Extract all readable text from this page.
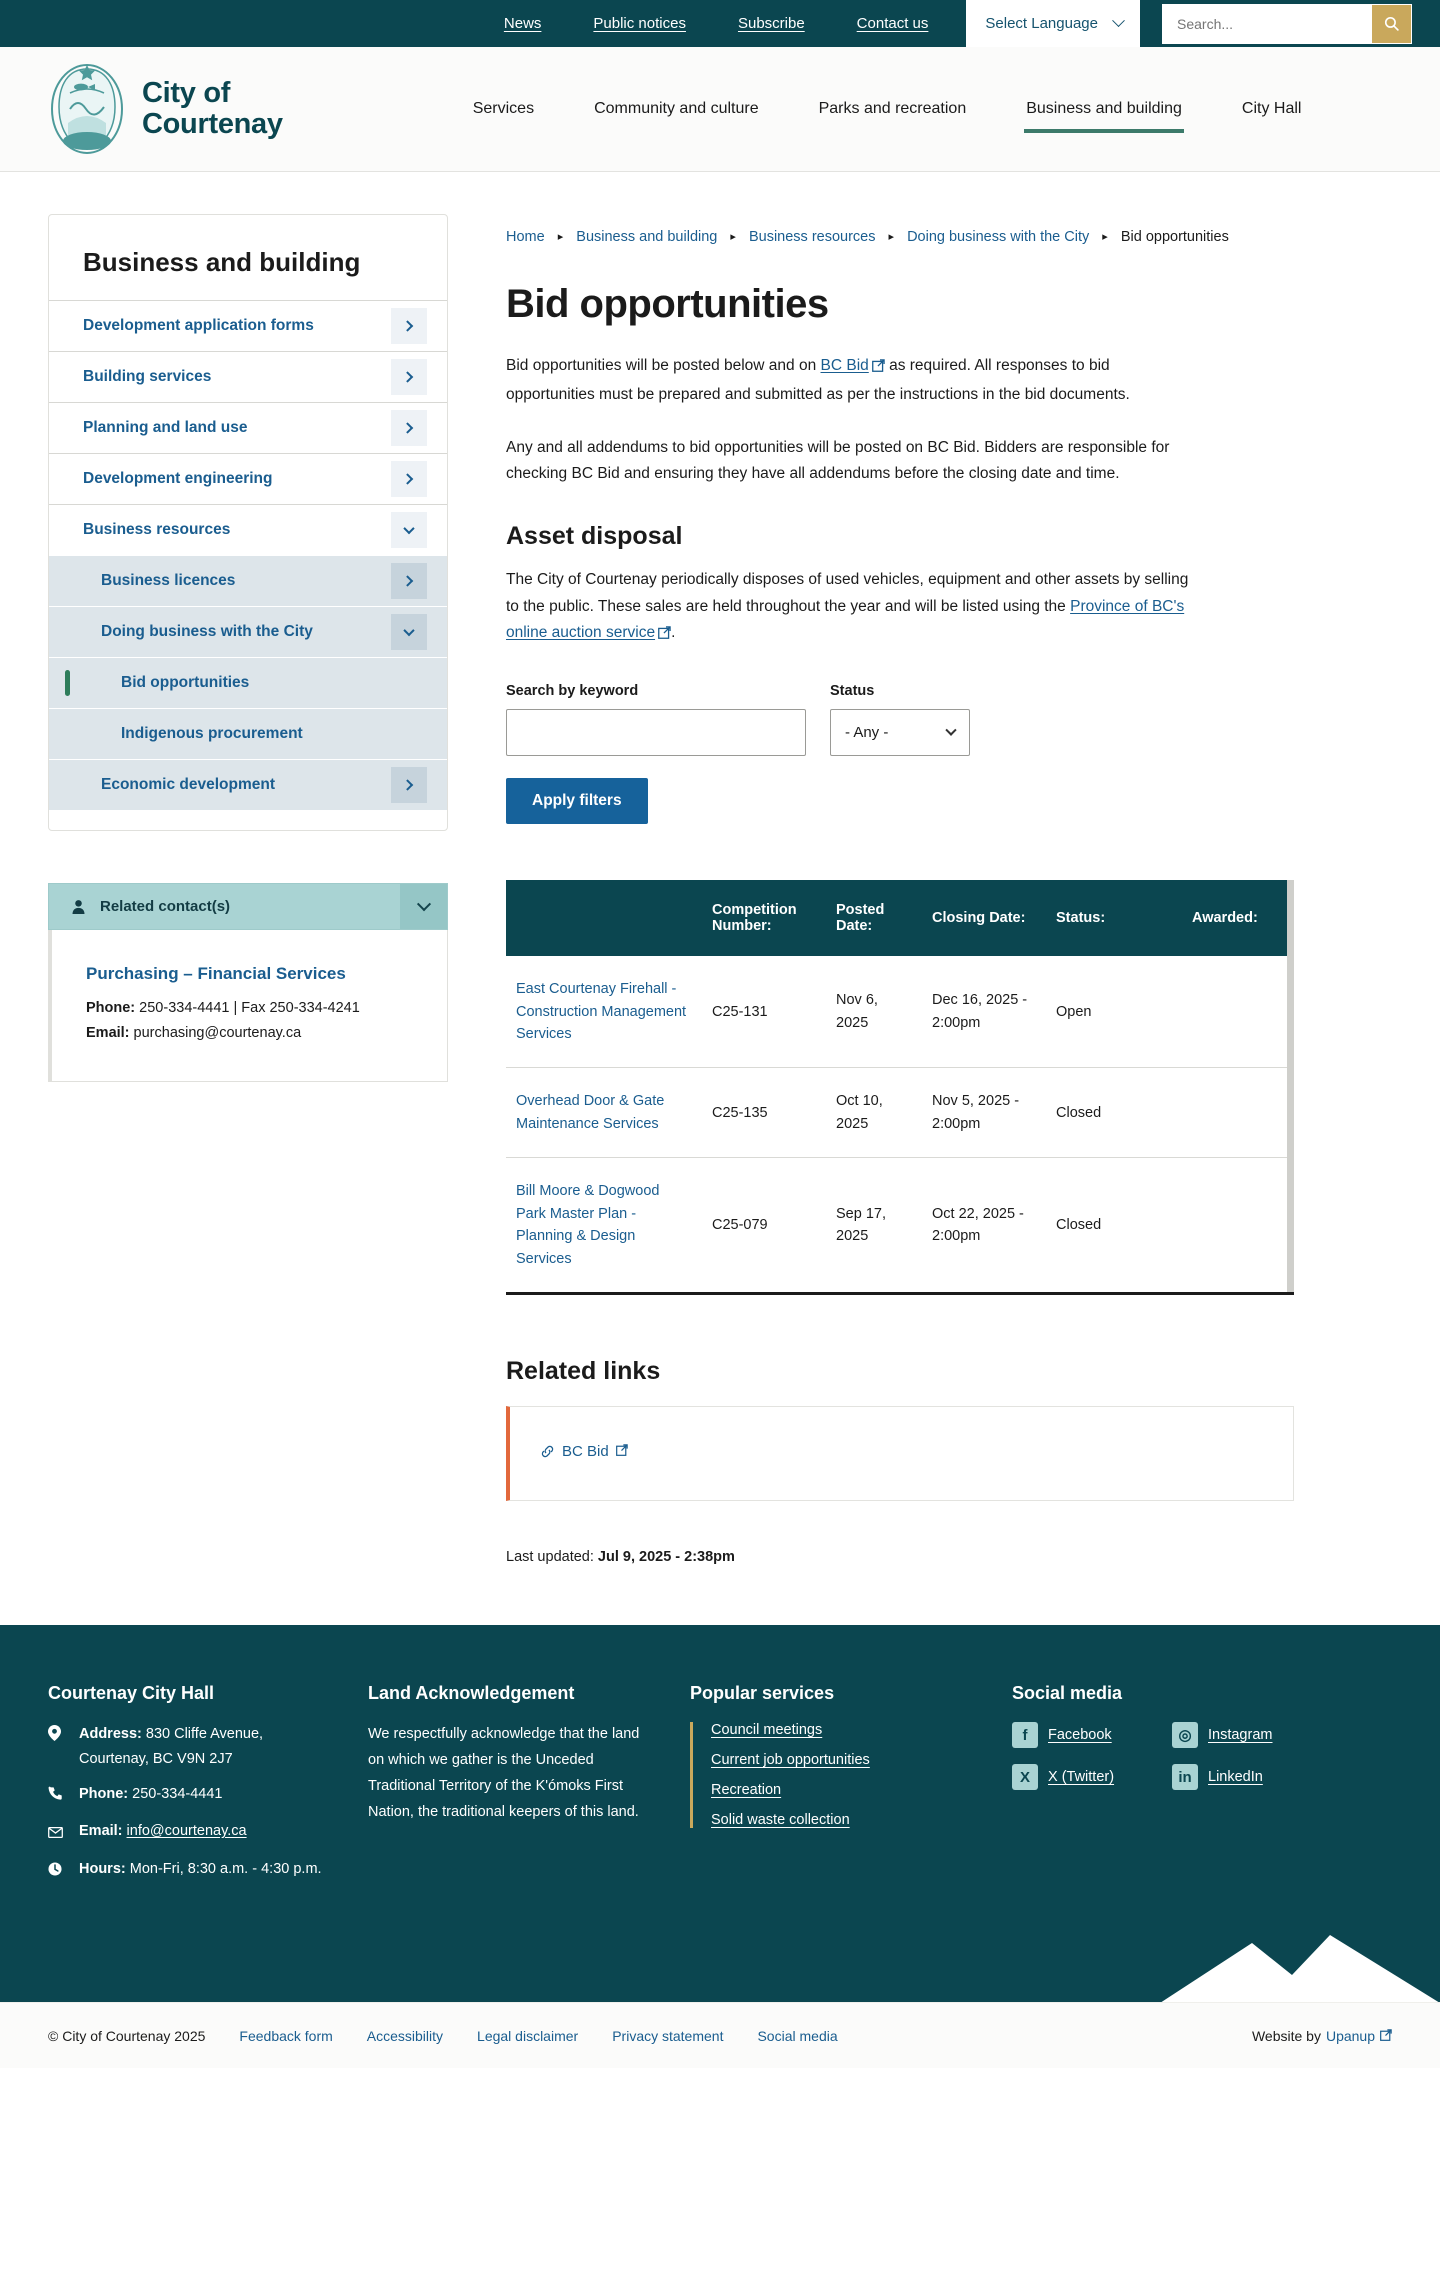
News	Public notices	Subscribe	Contact us	Select Language
Search...
City of
Courtenay	Services	Community and culture	Parks and recreation	Business and building	City Hall
Business and building
Development application forms
Building services
Planning and land use
Development engineering
Business resources
Business licences
Doing business with the City
Bid opportunities
Indigenous procurement
Economic development
Related contact(s)
Purchasing – Financial Services
Phone: 250-334-4441 | Fax 250-334-4241
Email: purchasing@courtenay.ca
Home ▸ Business and building ▸ Business resources ▸ Doing business with the City ▸ Bid opportunities
Bid opportunities

Bid opportunities will be posted below and on BC Bid as required. All responses to bid opportunities must be prepared and submitted as per the instructions in the bid documents.

Any and all addendums to bid opportunities will be posted on BC Bid. Bidders are responsible for checking BC Bid and ensuring they have all addendums before the closing date and time.

Asset disposal

The City of Courtenay periodically disposes of used vehicles, equipment and other assets by selling to the public. These sales are held throughout the year and will be listed using the Province of BC's online auction service .

Search by keyword	Status
- Any -
Apply filters
	Competition Number:	Posted Date:	Closing Date:	Status:	Awarded:
East Courtenay Firehall - Construction Management Services	C25-131	Nov 6, 2025	Dec 16, 2025 - 2:00pm	Open	
Overhead Door & Gate Maintenance Services	C25-135	Oct 10, 2025	Nov 5, 2025 - 2:00pm	Closed	
Bill Moore & Dogwood Park Master Plan - Planning & Design Services	C25-079	Sep 17, 2025	Oct 22, 2025 - 2:00pm	Closed	
Related links
BC Bid

Last updated: Jul 9, 2025 - 2:38pm

Courtenay City Hall
Address: 830 Cliffe Avenue, Courtenay, BC V9N 2J7
Phone: 250-334-4441
Email: info@courtenay.ca
Hours: Mon-Fri, 8:30 a.m. - 4:30 p.m.
Land Acknowledgement
We respectfully acknowledge that the land on which we gather is the Unceded Traditional Territory of the K'ómoks First Nation, the traditional keepers of this land.
Popular services
Council meetings
Current job opportunities
Recreation
Solid waste collection
Social media
f	Facebook	◎	Instagram
X	X (Twitter)	in	LinkedIn
© City of Courtenay 2025 Feedback form Accessibility Legal disclaimer Privacy statement Social media	Website by Upanup
